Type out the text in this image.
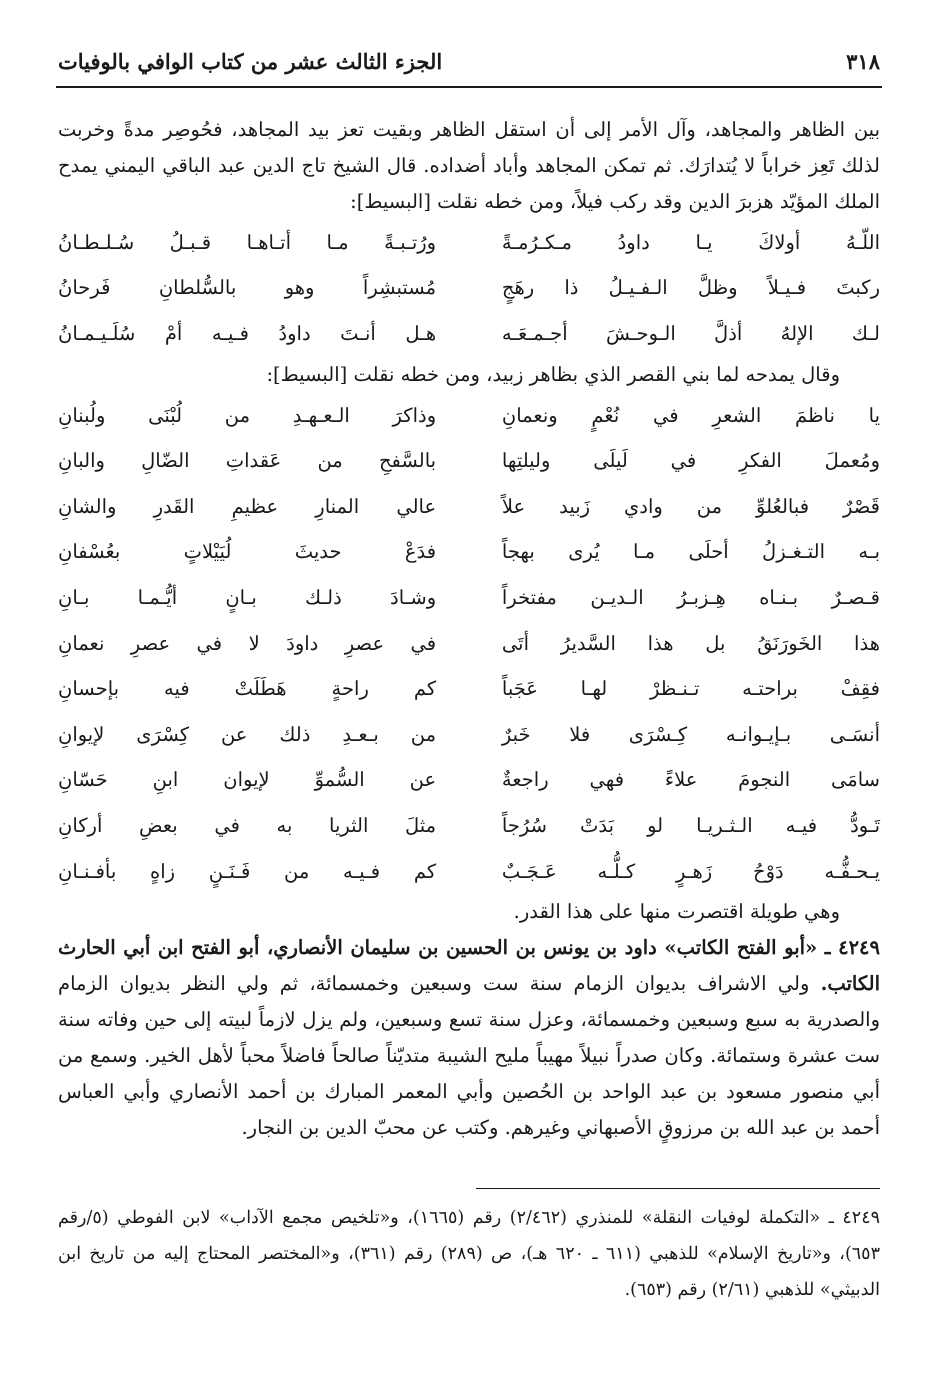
٣١٨
الجزء الثالث عشر من كتاب الوافي بالوفيات

بين الظاهر والمجاهد، وآل الأمر إلى أن استقل الظاهر وبقيت تعز بيد المجاهد، فحُوصِر مدةً وخربت لذلك تَعِز خراباً لا يُتدارَك. ثم تمكن المجاهد وأباد أضداده. قال الشيخ تاج الدين عبد الباقي اليمني يمدح الملك المؤيّد هزبرَ الدين وقد ركب فيلاً، ومن خطه نقلت [البسيط]:

اللّـهُ أولاكَ يـا داودُ مـكـرُمـةً
ورُتـبـةً مـا أتـاهـا قـبـلُ سُـلـطـانُ
ركبتَ فـيـلاً وظلَّ الـفـيـلُ ذا رهَجٍ
مُستبشِراً وهو بالسُّلطانِ فَرحانُ
لـك الإلهُ أذلَّ الـوحـشَ أجـمـعَـه
هـل أنـتَ داودُ فـيـه أمْ سُلَـيـمـانُ

وقال يمدحه لما بني القصر الذي بظاهر زبيد، ومن خطه نقلت [البسيط]:

يا ناظمَ الشعرِ في نُعْمٍ ونعمانِ
وذاكرَ الـعـهـدِ من لُبْنَى ولُبنانِ
ومُعملَ الفكرِ في لَيلَى وليلتِها
بالسَّفحِ من عَقداتِ الضّالِ والبانِ
قَصْرٌ فبالعُلوِّ من وادي زَبيد علاً
عالي المنارِ عظيمِ القَدرِ والشانِ
بـه التـغـزلُ أحلَى مـا يُرى بهجاً
فدَعْ حديثَ لُيَيْلاتٍ بعُسْفانِ
قـصـرٌ بـنـاه هِـزبـرُ الـديـن مفتخراً
وشـادَ ذلـك بـانٍ أيُّـمـا بـانِ
هذا الخَورَنَقُ بل هذا السَّديرُ أتَى
في عصرِ داودَ لا في عصرِ نعمانِ
فقِفْ براحتـه تـنـظرْ لهـا عَجَباً
كم راحةٍ هَطَلَتْ فيه بإحسانِ
أنسَـى بـإيـوانـه كِـسْرَى فلا خَبرٌ
من بـعـدِ ذلك عن كِسْرَى لإيوانِ
سامَى النجومَ علاءً فهي راجعةٌ
عن السُّموِّ لإيوان ابنِ حَسّانِ
تَـودُّ فيـه الـثـريـا لو بَدَتْ سُرُجاً
مثلَ الثريا به في بعضِ أركانِ
يـحـفُّـه دَوْحُ زَهـرٍ كـلُّـه عَـجَـبٌ
كم فـيـه من فَـنَـنٍ زاهٍ بأفـنـانِ

وهي طويلة اقتصرت منها على هذا القدر.

٤٢٤٩ ـ «أبو الفتح الكاتب» داود بن يونس بن الحسين بن سليمان الأنصاري، أبو الفتح ابن أبي الحارث الكاتب. ولي الاشراف بديوان الزمام سنة ست وسبعين وخمسمائة، ثم ولي النظر بديوان الزمام والصدرية به سبع وسبعين وخمسمائة، وعزل سنة تسع وسبعين، ولم يزل لازماً لبيته إلى حين وفاته سنة ست عشرة وستمائة. وكان صدراً نبيلاً مهيباً مليح الشيبة متديّناً صالحاً فاضلاً محباً لأهل الخير. وسمع من أبي منصور مسعود بن عبد الواحد بن الحُصين وأبي المعمر المبارك بن أحمد الأنصاري وأبي العباس أحمد بن عبد الله بن مرزوقٍ الأصبهاني وغيرهم. وكتب عن محبّ الدين بن النجار.

٤٢٤٩ ـ «التكملة لوفيات النقلة» للمنذري (٢/٤٦٢) رقم (١٦٦٥)، و«تلخيص مجمع الآداب» لابن الفوطي (٥/رقم ٦٥٣)، و«تاريخ الإسلام» للذهبي (٦١١ ـ ٦٢٠ هـ)، ص (٢٨٩) رقم (٣٦١)، و«المختصر المحتاج إليه من تاريخ ابن الدبيثي» للذهبي (٢/٦١) رقم (٦٥٣).
